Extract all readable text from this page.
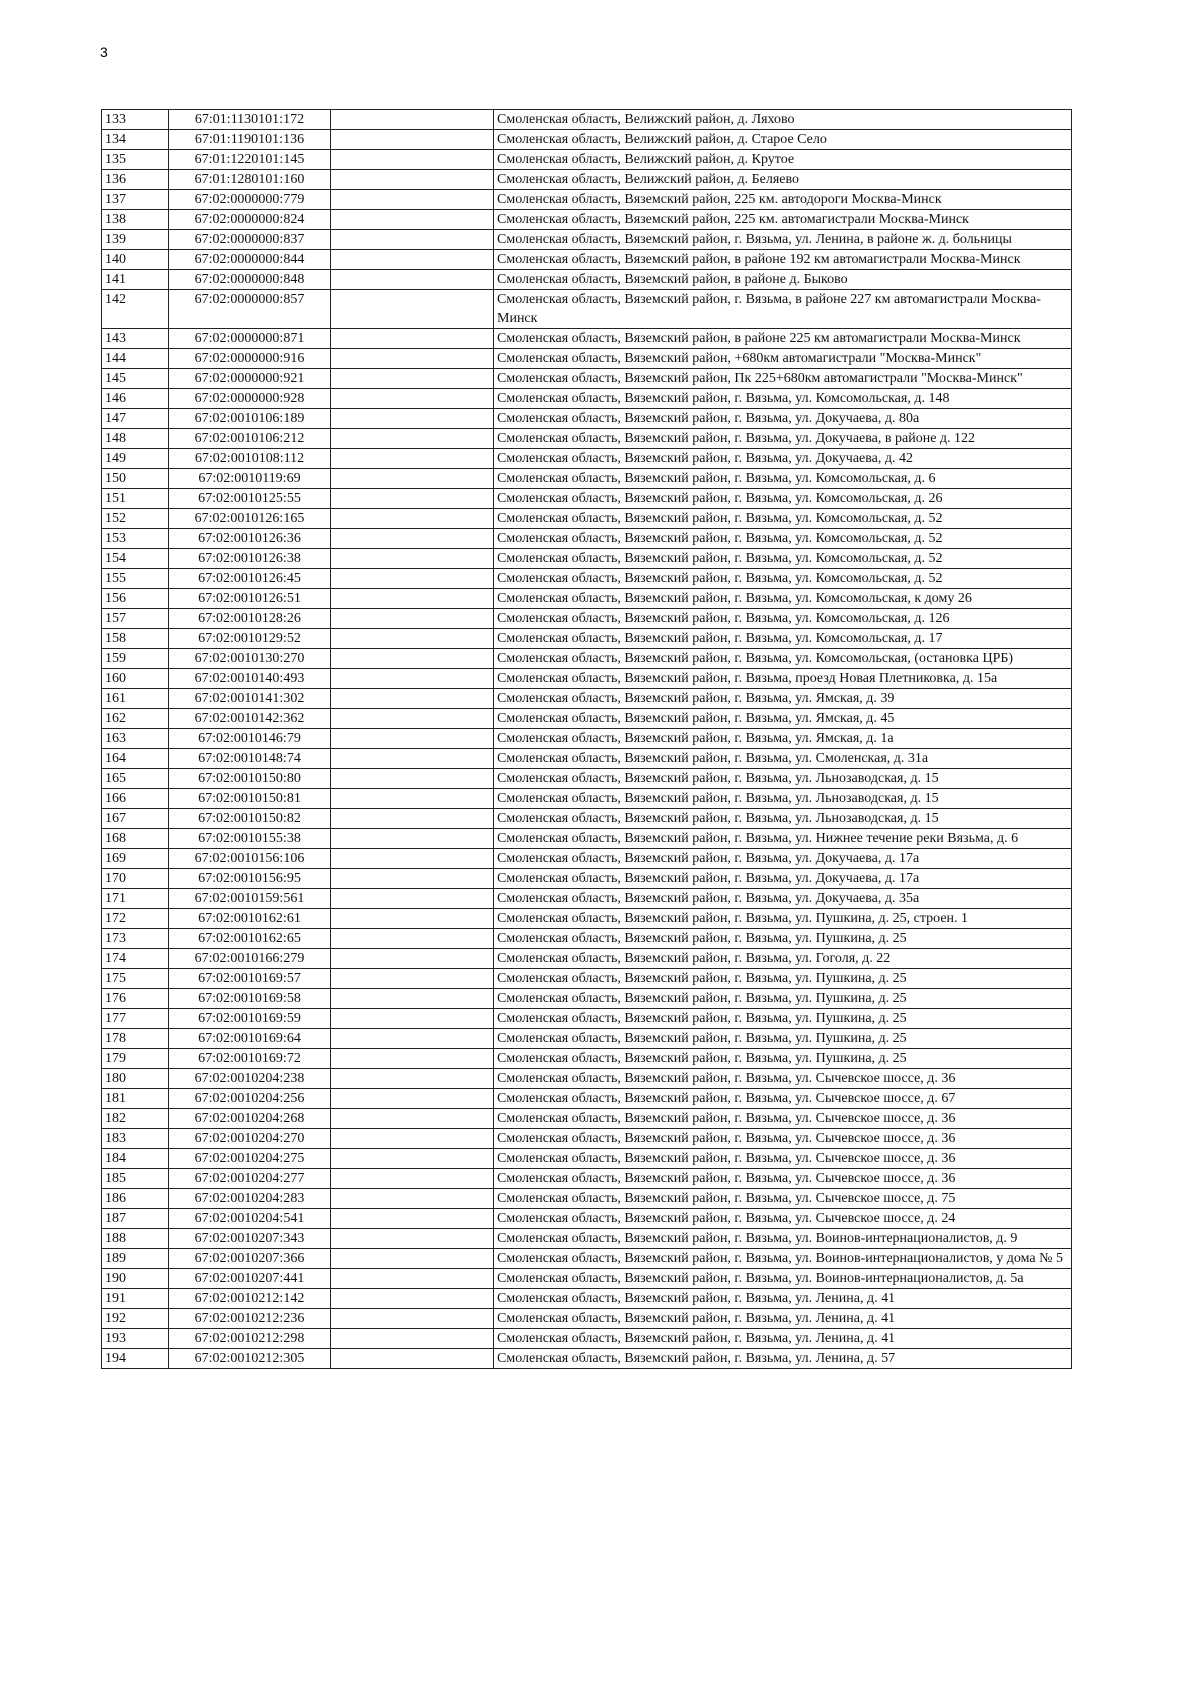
3
133	67:01:1130101:172		Смоленская область, Велижский район, д. Ляхово
134	67:01:1190101:136		Смоленская область, Велижский район, д. Старое Село
135	67:01:1220101:145		Смоленская область, Велижский район, д. Крутое
136	67:01:1280101:160		Смоленская область, Велижский район, д. Беляево
137	67:02:0000000:779		Смоленская область, Вяземский район, 225 км. автодороги Москва-Минск
138	67:02:0000000:824		Смоленская область, Вяземский район, 225 км. автомагистрали Москва-Минск
139	67:02:0000000:837		Смоленская область, Вяземский район, г. Вязьма, ул. Ленина, в районе ж. д. больницы
140	67:02:0000000:844		Смоленская область, Вяземский район, в районе 192 км автомагистрали Москва-Минск
141	67:02:0000000:848		Смоленская область, Вяземский район, в районе д. Быково
142	67:02:0000000:857		Смоленская область, Вяземский район, г. Вязьма, в районе 227 км автомагистрали Москва-Минск
143	67:02:0000000:871		Смоленская область, Вяземский район, в районе 225 км автомагистрали Москва-Минск
144	67:02:0000000:916		Смоленская область, Вяземский район, +680км автомагистрали "Москва-Минск"
145	67:02:0000000:921		Смоленская область, Вяземский район, Пк 225+680км автомагистрали "Москва-Минск"
146	67:02:0000000:928		Смоленская область, Вяземский район, г. Вязьма, ул. Комсомольская, д. 148
147	67:02:0010106:189		Смоленская область, Вяземский район, г. Вязьма, ул. Докучаева, д. 80а
148	67:02:0010106:212		Смоленская область, Вяземский район, г. Вязьма, ул. Докучаева, в районе д. 122
149	67:02:0010108:112		Смоленская область, Вяземский район, г. Вязьма, ул. Докучаева, д. 42
150	67:02:0010119:69		Смоленская область, Вяземский район, г. Вязьма, ул. Комсомольская, д. 6
151	67:02:0010125:55		Смоленская область, Вяземский район, г. Вязьма, ул. Комсомольская, д. 26
152	67:02:0010126:165		Смоленская область, Вяземский район, г. Вязьма, ул. Комсомольская, д. 52
153	67:02:0010126:36		Смоленская область, Вяземский район, г. Вязьма, ул. Комсомольская, д. 52
154	67:02:0010126:38		Смоленская область, Вяземский район, г. Вязьма, ул. Комсомольская, д. 52
155	67:02:0010126:45		Смоленская область, Вяземский район, г. Вязьма, ул. Комсомольская, д. 52
156	67:02:0010126:51		Смоленская область, Вяземский район, г. Вязьма, ул. Комсомольская, к дому 26
157	67:02:0010128:26		Смоленская область, Вяземский район, г. Вязьма, ул. Комсомольская, д. 126
158	67:02:0010129:52		Смоленская область, Вяземский район, г. Вязьма, ул. Комсомольская, д. 17
159	67:02:0010130:270		Смоленская область, Вяземский район, г. Вязьма, ул. Комсомольская, (остановка ЦРБ)
160	67:02:0010140:493		Смоленская область, Вяземский район, г. Вязьма, проезд Новая Плетниковка, д. 15а
161	67:02:0010141:302		Смоленская область, Вяземский район, г. Вязьма, ул. Ямская, д. 39
162	67:02:0010142:362		Смоленская область, Вяземский район, г. Вязьма, ул. Ямская, д. 45
163	67:02:0010146:79		Смоленская область, Вяземский район, г. Вязьма, ул. Ямская, д. 1а
164	67:02:0010148:74		Смоленская область, Вяземский район, г. Вязьма, ул. Смоленская, д. 31а
165	67:02:0010150:80		Смоленская область, Вяземский район, г. Вязьма, ул. Льнозаводская, д. 15
166	67:02:0010150:81		Смоленская область, Вяземский район, г. Вязьма, ул. Льнозаводская, д. 15
167	67:02:0010150:82		Смоленская область, Вяземский район, г. Вязьма, ул. Льнозаводская, д. 15
168	67:02:0010155:38		Смоленская область, Вяземский район, г. Вязьма, ул. Нижнее течение реки Вязьма, д. 6
169	67:02:0010156:106		Смоленская область, Вяземский район, г. Вязьма, ул. Докучаева, д. 17а
170	67:02:0010156:95		Смоленская область, Вяземский район, г. Вязьма, ул. Докучаева, д. 17а
171	67:02:0010159:561		Смоленская область, Вяземский район, г. Вязьма, ул. Докучаева, д. 35а
172	67:02:0010162:61		Смоленская область, Вяземский район, г. Вязьма, ул. Пушкина, д. 25, строен. 1
173	67:02:0010162:65		Смоленская область, Вяземский район, г. Вязьма, ул. Пушкина, д. 25
174	67:02:0010166:279		Смоленская область, Вяземский район, г. Вязьма, ул. Гоголя, д. 22
175	67:02:0010169:57		Смоленская область, Вяземский район, г. Вязьма, ул. Пушкина, д. 25
176	67:02:0010169:58		Смоленская область, Вяземский район, г. Вязьма, ул. Пушкина, д. 25
177	67:02:0010169:59		Смоленская область, Вяземский район, г. Вязьма, ул. Пушкина, д. 25
178	67:02:0010169:64		Смоленская область, Вяземский район, г. Вязьма, ул. Пушкина, д. 25
179	67:02:0010169:72		Смоленская область, Вяземский район, г. Вязьма, ул. Пушкина, д. 25
180	67:02:0010204:238		Смоленская область, Вяземский район, г. Вязьма, ул. Сычевское шоссе, д. 36
181	67:02:0010204:256		Смоленская область, Вяземский район, г. Вязьма, ул. Сычевское шоссе, д. 67
182	67:02:0010204:268		Смоленская область, Вяземский район, г. Вязьма, ул. Сычевское шоссе, д. 36
183	67:02:0010204:270		Смоленская область, Вяземский район, г. Вязьма, ул. Сычевское шоссе, д. 36
184	67:02:0010204:275		Смоленская область, Вяземский район, г. Вязьма, ул. Сычевское шоссе, д. 36
185	67:02:0010204:277		Смоленская область, Вяземский район, г. Вязьма, ул. Сычевское шоссе, д. 36
186	67:02:0010204:283		Смоленская область, Вяземский район, г. Вязьма, ул. Сычевское шоссе, д. 75
187	67:02:0010204:541		Смоленская область, Вяземский район, г. Вязьма, ул. Сычевское шоссе, д. 24
188	67:02:0010207:343		Смоленская область, Вяземский район, г. Вязьма, ул. Воинов-интернационалистов, д. 9
189	67:02:0010207:366		Смоленская область, Вяземский район, г. Вязьма, ул. Воинов-интернационалистов, у дома № 5
190	67:02:0010207:441		Смоленская область, Вяземский район, г. Вязьма, ул. Воинов-интернационалистов, д. 5а
191	67:02:0010212:142		Смоленская область, Вяземский район, г. Вязьма, ул. Ленина, д. 41
192	67:02:0010212:236		Смоленская область, Вяземский район, г. Вязьма, ул. Ленина, д. 41
193	67:02:0010212:298		Смоленская область, Вяземский район, г. Вязьма, ул. Ленина, д. 41
194	67:02:0010212:305		Смоленская область, Вяземский район, г. Вязьма, ул. Ленина, д. 57
